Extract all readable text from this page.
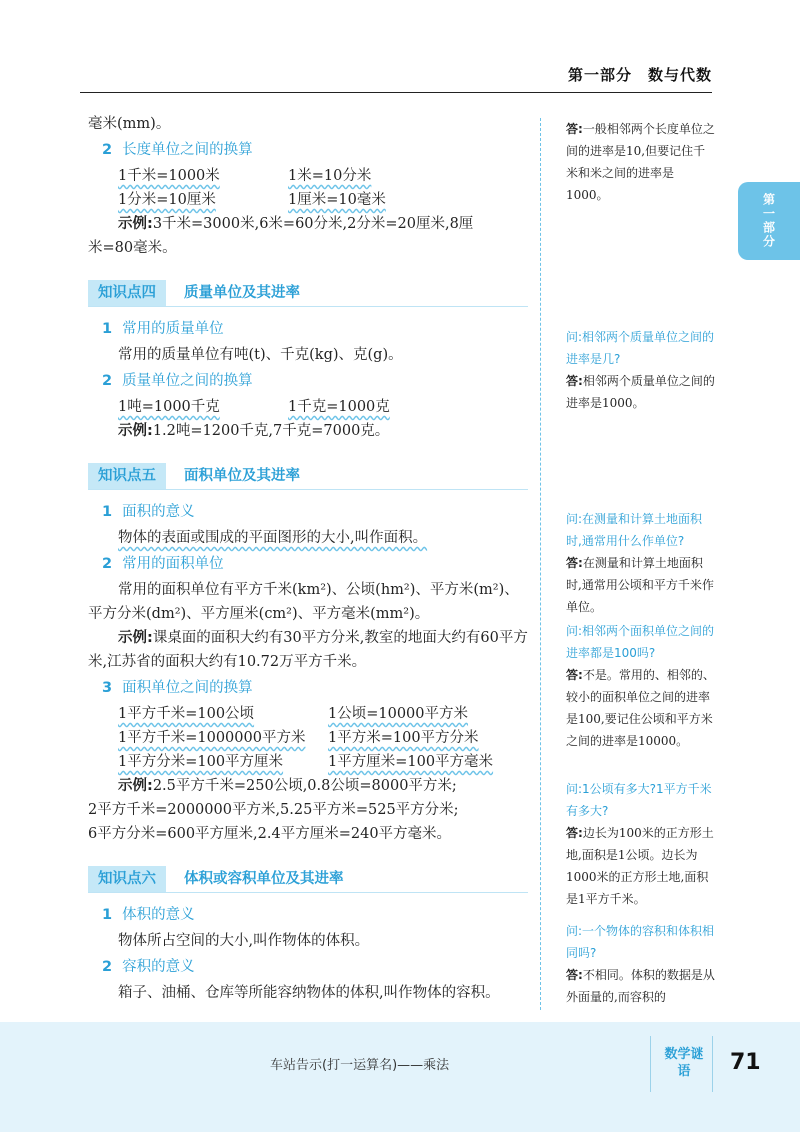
第一部分　数与代数
第一部分

毫米(mm)。

2 长度单位之间的换算

1千米=1000米	1米=10分米
1分米=10厘米	1厘米=10毫米

示例:3千米=3000米,6米=60分米,2分米=20厘米,8厘

米=80毫米。

知识点四	质量单位及其进率

1 常用的质量单位

常用的质量单位有吨(t)、千克(kg)、克(g)。

2 质量单位之间的换算

1吨=1000千克	1千克=1000克

示例:1.2吨=1200千克,7千克=7000克。

知识点五	面积单位及其进率

1 面积的意义

物体的表面或围成的平面图形的大小,叫作面积。

2 常用的面积单位

常用的面积单位有平方千米(km²)、公顷(hm²)、平方米(m²)、平方分米(dm²)、平方厘米(cm²)、平方毫米(mm²)。

示例:课桌面的面积大约有30平方分米,教室的地面大约有60平方米,江苏省的面积大约有10.72万平方千米。

3 面积单位之间的换算

1平方千米=100公顷	1公顷=10000平方米
1平方千米=1000000平方米	1平方米=100平方分米
1平方分米=100平方厘米	1平方厘米=100平方毫米

示例:2.5平方千米=250公顷,0.8公顷=8000平方米;

2平方千米=2000000平方米,5.25平方米=525平方分米;

6平方分米=600平方厘米,2.4平方厘米=240平方毫米。

知识点六	体积或容积单位及其进率

1 体积的意义

物体所占空间的大小,叫作物体的体积。

2 容积的意义

箱子、油桶、仓库等所能容纳物体的体积,叫作物体的容积。

答:一般相邻两个长度单位之间的进率是10,但要记住千米和米之间的进率是1000。

问:相邻两个质量单位之间的进率是几?

答:相邻两个质量单位之间的进率是1000。

问:在测量和计算土地面积时,通常用什么作单位?

答:在测量和计算土地面积时,通常用公顷和平方千米作单位。

问:相邻两个面积单位之间的进率都是100吗?

答:不是。常用的、相邻的、较小的面积单位之间的进率是100,要记住公顷和平方米之间的进率是10000。

问:1公顷有多大?1平方千米有多大?

答:边长为100米的正方形土地,面积是1公顷。边长为1000米的正方形土地,面积是1平方千米。

问:一个物体的容积和体积相同吗?

答:不相同。体积的数据是从外面量的,而容积的

车站告示(打一运算名)——乘法
数学谜语	71
